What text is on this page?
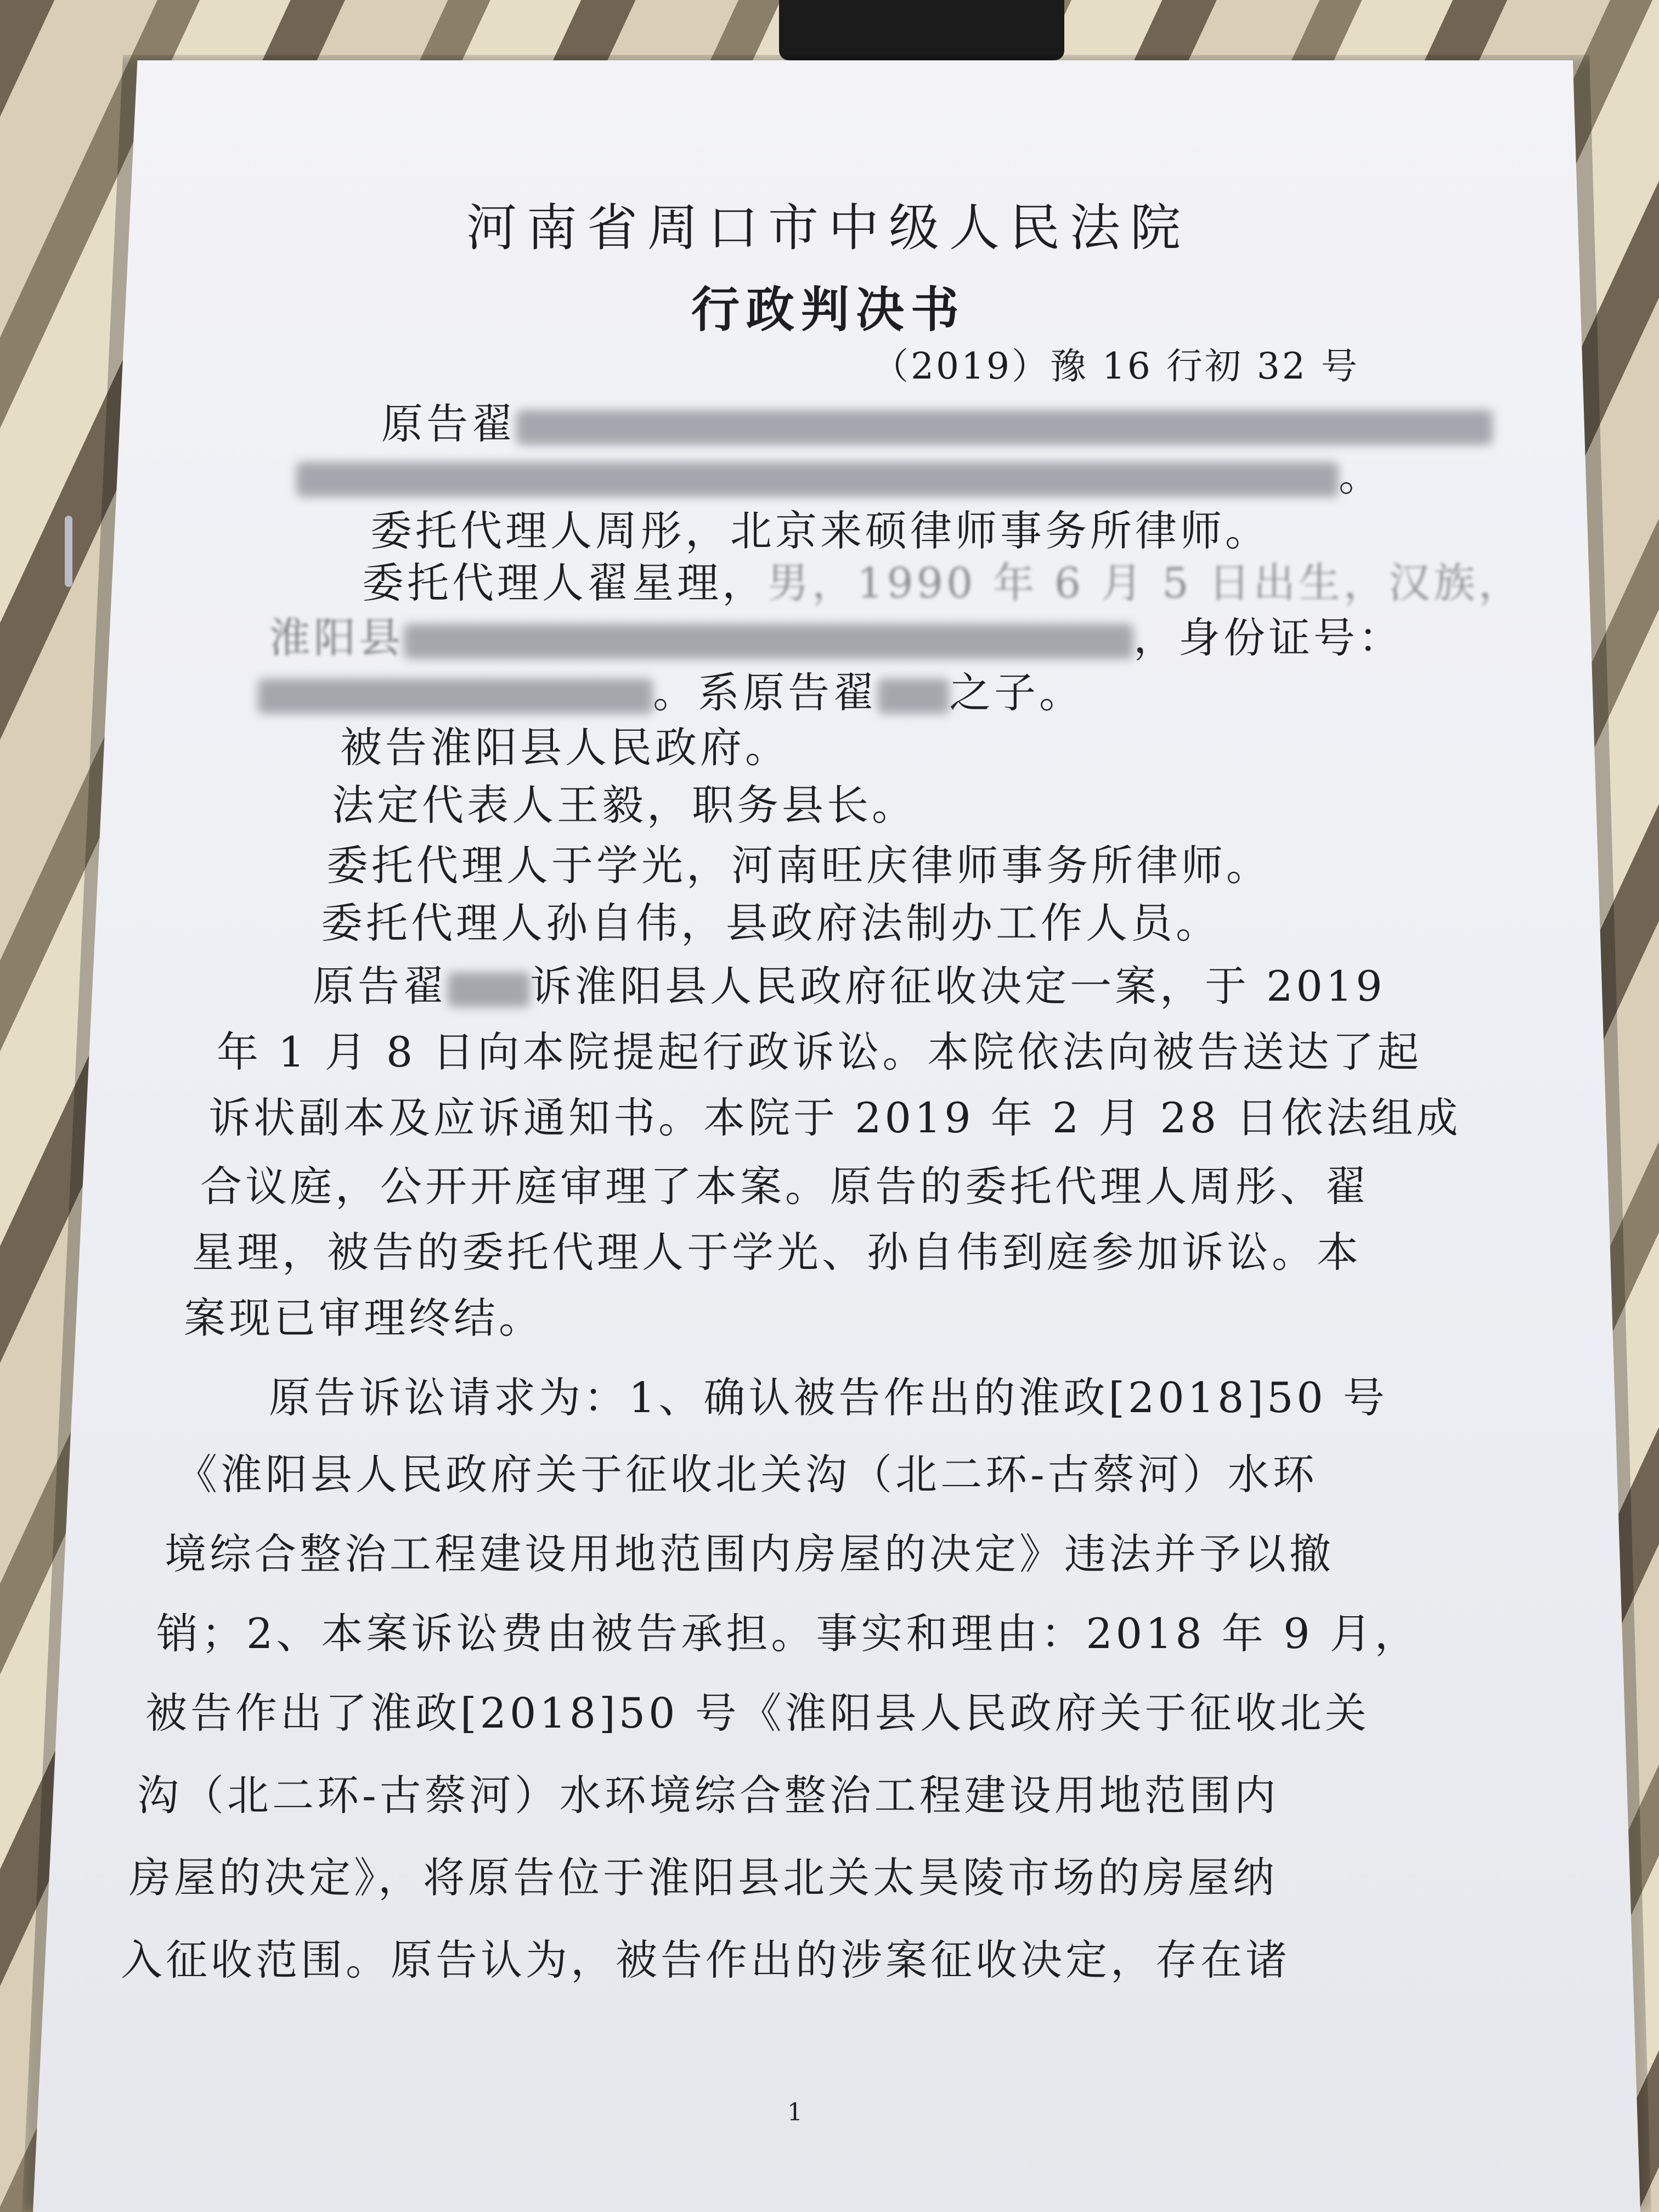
河南省周口市中级人民法院
行政判决书
（2019）豫 16 行初 32 号
原告翟
。
委托代理人周彤，北京来硕律师事务所律师。
委托代理人翟星理，男，1990 年 6 月 5 日出生，汉族，
淮阳县	，身份证号：
。系原告翟 之子。
被告淮阳县人民政府。
法定代表人王毅，职务县长。
委托代理人于学光，河南旺庆律师事务所律师。
委托代理人孙自伟，县政府法制办工作人员。
原告翟 诉淮阳县人民政府征收决定一案，于 2019
年 1 月 8 日向本院提起行政诉讼。本院依法向被告送达了起
诉状副本及应诉通知书。本院于 2019 年 2 月 28 日依法组成
合议庭，公开开庭审理了本案。原告的委托代理人周彤、翟
星理，被告的委托代理人于学光、孙自伟到庭参加诉讼。本
案现已审理终结。
原告诉讼请求为：1、确认被告作出的淮政[2018]50 号
《淮阳县人民政府关于征收北关沟（北二环-古蔡河）水环
境综合整治工程建设用地范围内房屋的决定》违法并予以撤
销；2、本案诉讼费由被告承担。事实和理由：2018 年 9 月，
被告作出了淮政[2018]50 号《淮阳县人民政府关于征收北关
沟（北二环-古蔡河）水环境综合整治工程建设用地范围内
房屋的决定》，将原告位于淮阳县北关太昊陵市场的房屋纳
入征收范围。原告认为，被告作出的涉案征收决定，存在诸
1
